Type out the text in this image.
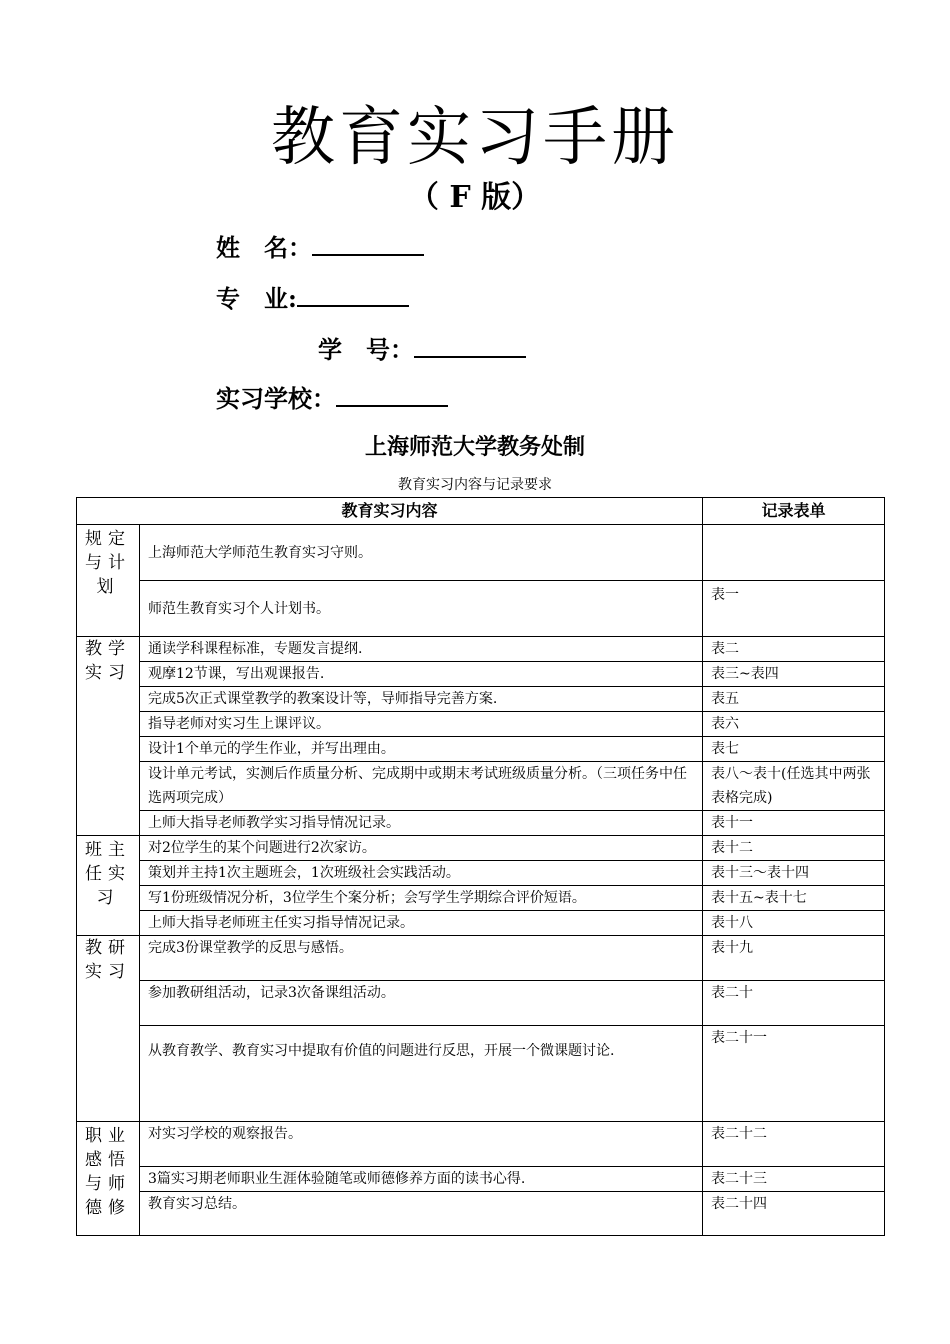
教育实习手册
（ F 版）
姓　名：
专　业:
学　号：
实习学校：
上海师范大学教务处制
教育实习内容与记录要求
教育实习内容		记录表单
规定与计划	上海师范大学师范生教育实习守则。	
	师范生教育实习个人计划书。	表一
教学实习	通读学科课程标准，专题发言提纲.	表二
	观摩12节课，写出观课报告.	表三~表四
	完成5次正式课堂教学的教案设计等，导师指导完善方案.	表五
	指导老师对实习生上课评议。	表六
	设计1个单元的学生作业，并写出理由。	表七
	设计单元考试，实测后作质量分析、完成期中或期末考试班级质量分析。（三项任务中任选两项完成）	表八～表十(任选其中两张表格完成)
	上师大指导老师教学实习指导情况记录。	表十一
班主任实习	对2位学生的某个问题进行2次家访。	表十二
	策划并主持1次主题班会，1次班级社会实践活动。	表十三～表十四
	写1份班级情况分析，3位学生个案分析；会写学生学期综合评价短语。	表十五~表十七
	上师大指导老师班主任实习指导情况记录。	表十八
教研实习	完成3份课堂教学的反思与感悟。	表十九
	参加教研组活动，记录3次备课组活动。	表二十
	从教育教学、教育实习中提取有价值的问题进行反思，开展一个微课题讨论.	表二十一
职业感悟与师德修	对实习学校的观察报告。	表二十二
	3篇实习期老师职业生涯体验随笔或师德修养方面的读书心得.	表二十三
	教育实习总结。	表二十四
